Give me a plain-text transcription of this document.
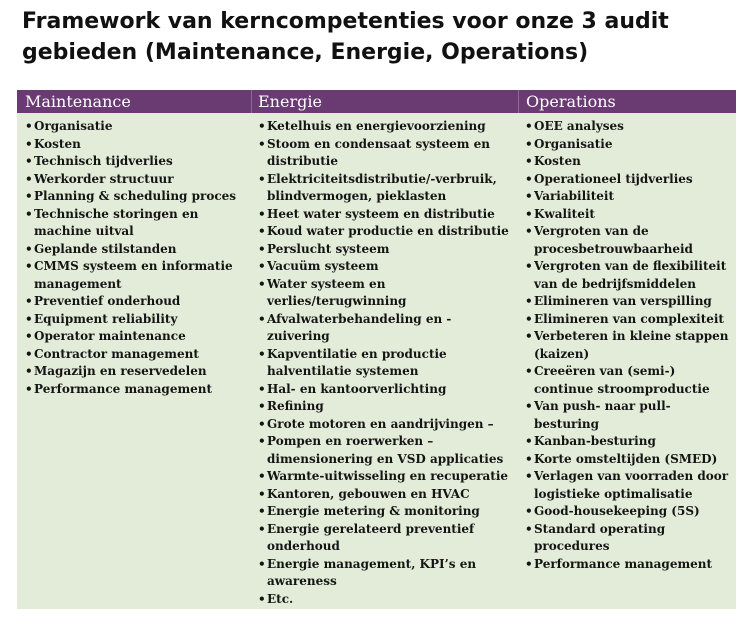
Framework van kerncompetenties voor onze 3 audit gebieden (Maintenance, Energie, Operations)
Maintenance	Energie	Operations
• Organisatie
• Kosten
• Technisch tijdverlies
• Werkorder structuur
• Planning & scheduling proces
• Technische storingen en machine uitval
• Geplande stilstanden
• CMMS systeem en informatie management
• Preventief onderhoud
• Equipment reliability
• Operator maintenance
• Contractor management
• Magazijn en reservedelen
• Performance management
• Ketelhuis en energievoorziening
• Stoom en condensaat systeem en distributie
• Elektriciteitsdistributie/-verbruik, blindvermogen, pieklasten
• Heet water systeem en distributie
• Koud water productie en distributie
• Perslucht systeem
• Vacuüm systeem
• Water systeem en verlies/terugwinning
• Afvalwaterbehandeling en -zuivering
• Kapventilatie en productie halventilatie systemen
• Hal- en kantoorverlichting
• Refining
• Grote motoren en aandrijvingen –
• Pompen en roerwerken – dimensionering en VSD applicaties
• Warmte-uitwisseling en recuperatie
• Kantoren, gebouwen en HVAC
• Energie metering & monitoring
• Energie gerelateerd preventief onderhoud
• Energie management, KPI’s en awareness
• Etc.
• OEE analyses
• Organisatie
• Kosten
• Operationeel tijdverlies
• Variabiliteit
• Kwaliteit
• Vergroten van de procesbetrouwbaarheid
• Vergroten van de flexibiliteit van de bedrijfsmiddelen
• Elimineren van verspilling
• Elimineren van complexiteit
• Verbeteren in kleine stappen (kaizen)
• Creeëren van (semi-) continue stroomproductie
• Van push- naar pull-besturing
• Kanban-besturing
• Korte omsteltijden (SMED)
• Verlagen van voorraden door logistieke optimalisatie
• Good-housekeeping (5S)
• Standard operating procedures
• Performance management
